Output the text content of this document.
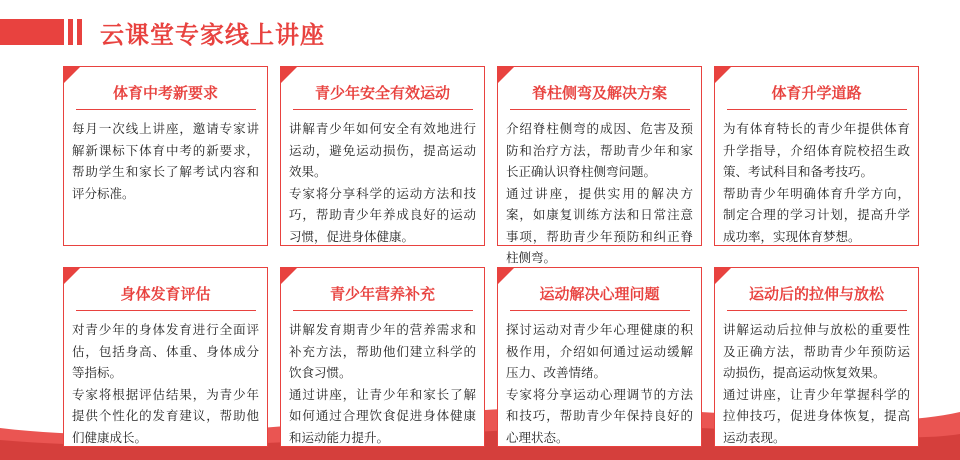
云课堂专家线上讲座
体育中考新要求

每月一次线上讲座，邀请专家讲解新课标下体育中考的新要求，帮助学生和家长了解考试内容和评分标准。

青少年安全有效运动

讲解青少年如何安全有效地进行运动，避免运动损伤，提高运动效果。

专家将分享科学的运动方法和技巧，帮助青少年养成良好的运动习惯，促进身体健康。

脊柱侧弯及解决方案

介绍脊柱侧弯的成因、危害及预防和治疗方法，帮助青少年和家长正确认识脊柱侧弯问题。

通过讲座，提供实用的解决方案，如康复训练方法和日常注意事项，帮助青少年预防和纠正脊柱侧弯。

体育升学道路

为有体育特长的青少年提供体育升学指导，介绍体育院校招生政策、考试科目和备考技巧。

帮助青少年明确体育升学方向，制定合理的学习计划，提高升学成功率，实现体育梦想。

身体发育评估

对青少年的身体发育进行全面评估，包括身高、体重、身体成分等指标。

专家将根据评估结果，为青少年提供个性化的发育建议，帮助他们健康成长。

青少年营养补充

讲解发育期青少年的营养需求和补充方法，帮助他们建立科学的饮食习惯。

通过讲座，让青少年和家长了解如何通过合理饮食促进身体健康和运动能力提升。

运动解决心理问题

探讨运动对青少年心理健康的积极作用，介绍如何通过运动缓解压力、改善情绪。

专家将分享运动心理调节的方法和技巧，帮助青少年保持良好的心理状态。

运动后的拉伸与放松

讲解运动后拉伸与放松的重要性及正确方法，帮助青少年预防运动损伤，提高运动恢复效果。

通过讲座，让青少年掌握科学的拉伸技巧，促进身体恢复，提高运动表现。
